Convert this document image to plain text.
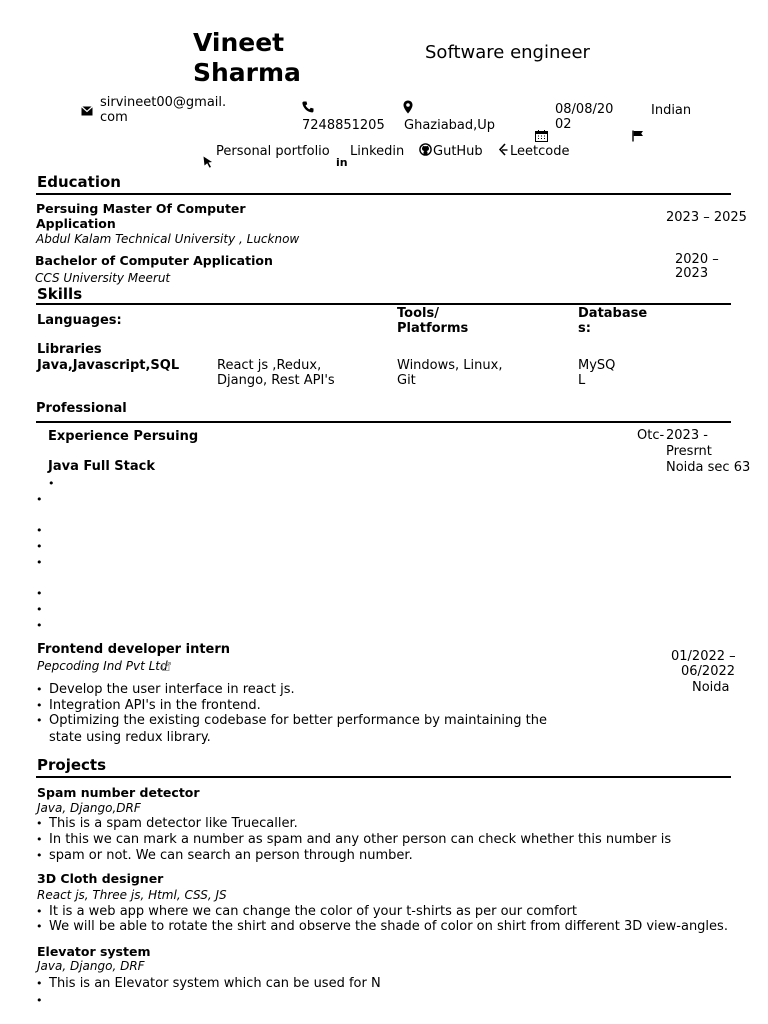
Vineet
Sharma
Software engineer
sirvineet00@gmail.
com
7248851205 Ghaziabad,Up
08/08/20
02
Indian
Personal portfolio
in
Linkedin GutHub Leetcode
Education
Persuing Master Of Computer
Application
Abdul Kalam Technical University , Lucknow
2023 – 2025
Bachelor of Computer Application
CCS University Meerut
2020 –
2023
Skills
Languages:	Tools/
Platforms
Database
s:
Libraries
Java,Javascript,SQL	React js ,Redux,
Django, Rest API's
Windows, Linux,
Git
MySQ
L
Professional
Experience Persuing
Java Full Stack
Otc- 2023 -
Presrnt
Noida sec 63
•
•
•
•
•
•
•
•
Frontend developer intern
Pepcoding Ind Pvt Ltd
01/2022 –
06/2022
Noida
• Develop the user interface in react js.
• Integration API's in the frontend.
• Optimizing the existing codebase for better performance by maintaining the
state using redux library.
Projects
Spam number detector
Java, Django,DRF
• This is a spam detector like Truecaller.
• In this we can mark a number as spam and any other person can check whether this number is
• spam or not. We can search an person through number.
3D Cloth designer
React js, Three js, Html, CSS, JS
• It is a web app where we can change the color of your t-shirts as per our comfort
• We will be able to rotate the shirt and observe the shade of color on shirt from different 3D view-angles.
Elevator system
Java, Django, DRF
• This is an Elevator system which can be used for N
•
